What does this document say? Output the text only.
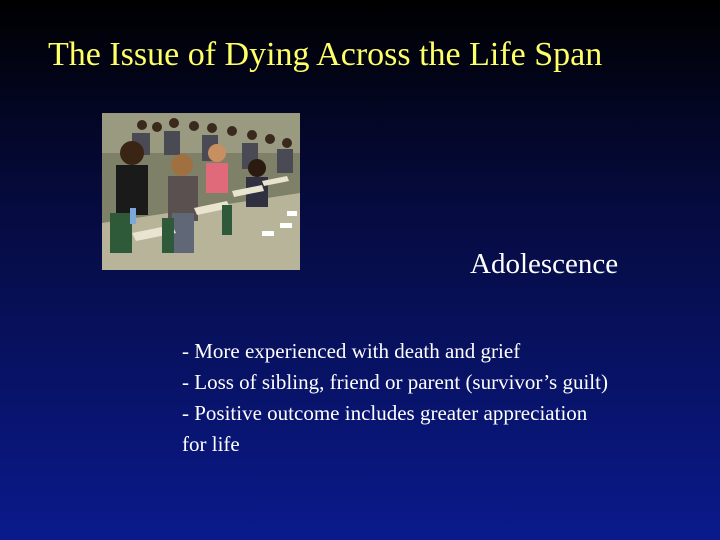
The Issue of Dying Across the Life Span
Adolescence
- More experienced with death and grief
- Loss of sibling, friend or parent (survivor’s guilt)
- Positive outcome includes greater appreciation
for life
